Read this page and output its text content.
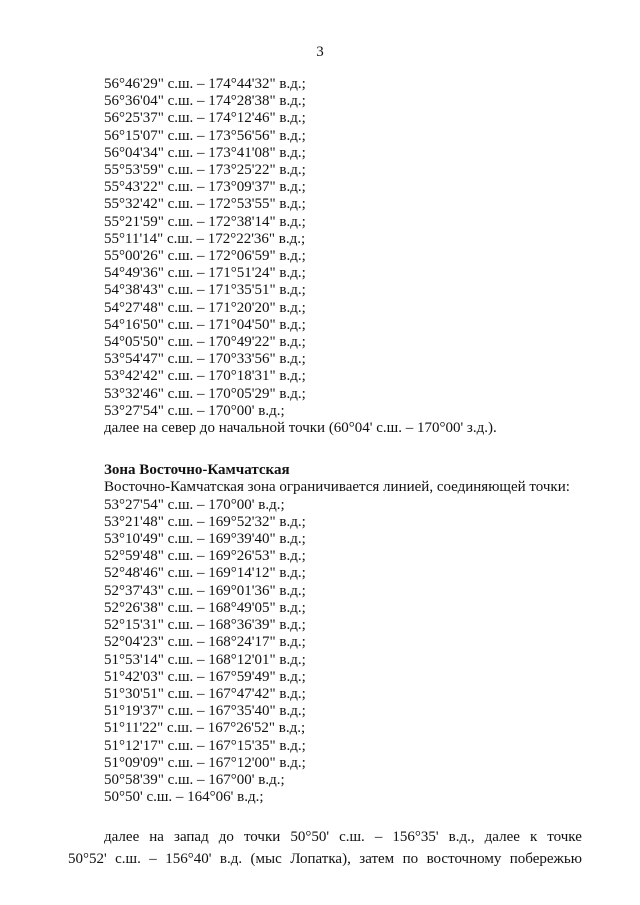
3
56°46'29" с.ш. – 174°44'32" в.д.;
56°36'04" с.ш. – 174°28'38" в.д.;
56°25'37" с.ш. – 174°12'46" в.д.;
56°15'07" с.ш. – 173°56'56" в.д.;
56°04'34" с.ш. – 173°41'08" в.д.;
55°53'59" с.ш. – 173°25'22" в.д.;
55°43'22" с.ш. – 173°09'37" в.д.;
55°32'42" с.ш. – 172°53'55" в.д.;
55°21'59" с.ш. – 172°38'14" в.д.;
55°11'14" с.ш. – 172°22'36" в.д.;
55°00'26" с.ш. – 172°06'59" в.д.;
54°49'36" с.ш. – 171°51'24" в.д.;
54°38'43" с.ш. – 171°35'51" в.д.;
54°27'48" с.ш. – 171°20'20" в.д.;
54°16'50" с.ш. – 171°04'50" в.д.;
54°05'50" с.ш. – 170°49'22" в.д.;
53°54'47" с.ш. – 170°33'56" в.д.;
53°42'42" с.ш. – 170°18'31" в.д.;
53°32'46" с.ш. – 170°05'29" в.д.;
53°27'54" с.ш. – 170°00' в.д.;
далее на север до начальной точки (60°04' с.ш. – 170°00' з.д.).
Зона Восточно-Камчатская
Восточно-Камчатская зона ограничивается линией, соединяющей точки:
53°27'54" с.ш. – 170°00' в.д.;
53°21'48" с.ш. – 169°52'32" в.д.;
53°10'49" с.ш. – 169°39'40" в.д.;
52°59'48" с.ш. – 169°26'53" в.д.;
52°48'46" с.ш. – 169°14'12" в.д.;
52°37'43" с.ш. – 169°01'36" в.д.;
52°26'38" с.ш. – 168°49'05" в.д.;
52°15'31" с.ш. – 168°36'39" в.д.;
52°04'23" с.ш. – 168°24'17" в.д.;
51°53'14" с.ш. – 168°12'01" в.д.;
51°42'03" с.ш. – 167°59'49" в.д.;
51°30'51" с.ш. – 167°47'42" в.д.;
51°19'37" с.ш. – 167°35'40" в.д.;
51°11'22" с.ш. – 167°26'52" в.д.;
51°12'17" с.ш. – 167°15'35" в.д.;
51°09'09" с.ш. – 167°12'00" в.д.;
50°58'39" с.ш. – 167°00' в.д.;
50°50' с.ш. – 164°06' в.д.;
далее на запад до точки 50°50' с.ш. – 156°35' в.д., далее к точке
50°52' с.ш. – 156°40' в.д. (мыс Лопатка), затем по восточному побережью
